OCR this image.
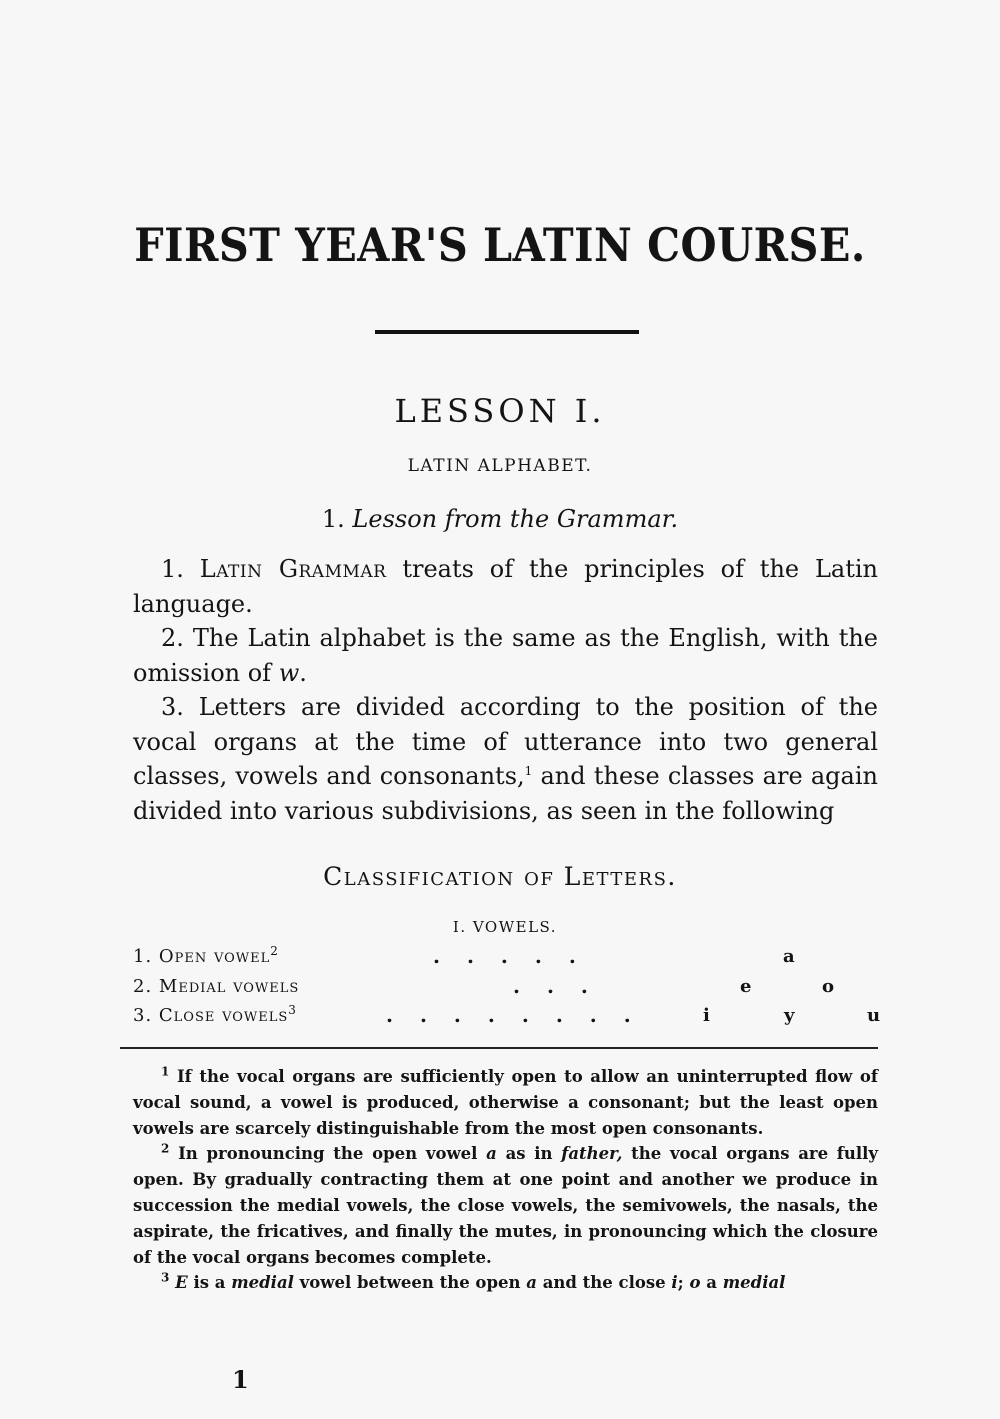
FIRST YEAR'S LATIN COURSE.
LESSON I.
LATIN ALPHABET.
1. Lesson from the Grammar.

1. Latin Grammar treats of the principles of the Latin language.

2. The Latin alphabet is the same as the English, with the omission of w.

3. Letters are divided according to the position of the vocal organs at the time of utterance into two general classes, vowels and consonants,$^1$ and these classes are again divided into various subdivisions, as seen in the following

Classification of Letters.
I. VOWELS.
1. Open vowel$^2$	.....	a
2. Medial vowels	...	e	o
3. Close vowels$^3$	........	i	y	u

$^1$ If the vocal organs are sufficiently open to allow an uninterrupted flow of vocal sound, a vowel is produced, otherwise a consonant; but the least open vowels are scarcely distinguishable from the most open consonants.

$^2$ In pronouncing the open vowel a as in father, the vocal organs are fully open. By gradually contracting them at one point and another we produce in succession the medial vowels, the close vowels, the semivowels, the nasals, the aspirate, the fricatives, and finally the mutes, in pronouncing which the closure of the vocal organs becomes complete.

$^3$ E is a medial vowel between the open a and the close i; o a medial

1
